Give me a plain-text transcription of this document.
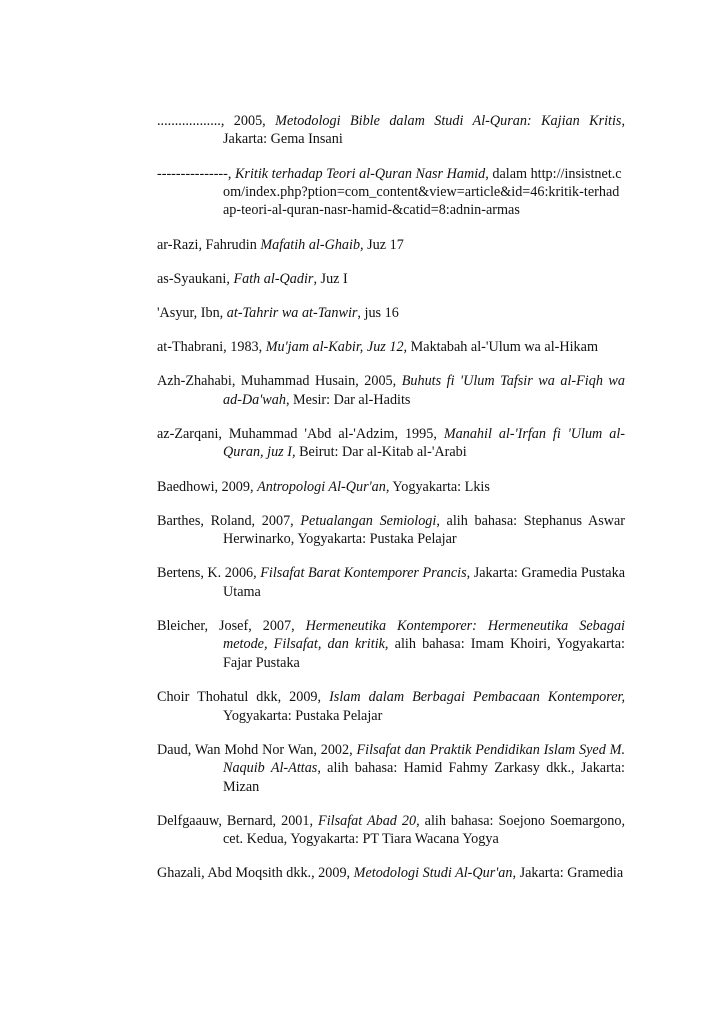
.................., 2005, Metodologi Bible dalam Studi Al-Quran: Kajian Kritis, Jakarta: Gema Insani

---------------, Kritik terhadap Teori al-Quran Nasr Hamid, dalam http://insistnet.com/index.php?ption=com_content&view=article&id=46:kritik-terhadap-teori-al-quran-nasr-hamid-&catid=8:adnin-armas

ar-Razi, Fahrudin Mafatih al-Ghaib, Juz 17

as-Syaukani, Fath al-Qadir, Juz I

'Asyur, Ibn, at-Tahrir wa at-Tanwir, jus 16

at-Thabrani, 1983, Mu'jam al-Kabir, Juz 12, Maktabah al-'Ulum wa al-Hikam

Azh-Zhahabi, Muhammad Husain, 2005, Buhuts fi 'Ulum Tafsir wa al-Fiqh wa ad-Da'wah, Mesir: Dar al-Hadits

az-Zarqani, Muhammad 'Abd al-'Adzim, 1995, Manahil al-'Irfan fi 'Ulum al-Quran, juz I, Beirut: Dar al-Kitab al-'Arabi

Baedhowi, 2009, Antropologi Al-Qur'an, Yogyakarta: Lkis

Barthes, Roland, 2007, Petualangan Semiologi, alih bahasa: Stephanus Aswar Herwinarko, Yogyakarta: Pustaka Pelajar

Bertens, K. 2006, Filsafat Barat Kontemporer Prancis, Jakarta: Gramedia Pustaka Utama

Bleicher, Josef, 2007, Hermeneutika Kontemporer: Hermeneutika Sebagai metode, Filsafat, dan kritik, alih bahasa: Imam Khoiri, Yogyakarta: Fajar Pustaka

Choir Thohatul dkk, 2009, Islam dalam Berbagai Pembacaan Kontemporer, Yogyakarta: Pustaka Pelajar

Daud, Wan Mohd Nor Wan, 2002, Filsafat dan Praktik Pendidikan Islam Syed M. Naquib Al-Attas, alih bahasa: Hamid Fahmy Zarkasy dkk., Jakarta: Mizan

Delfgaauw, Bernard, 2001, Filsafat Abad 20, alih bahasa: Soejono Soemargono, cet. Kedua, Yogyakarta: PT Tiara Wacana Yogya

Ghazali, Abd Moqsith dkk., 2009, Metodologi Studi Al-Qur'an, Jakarta: Gramedia
